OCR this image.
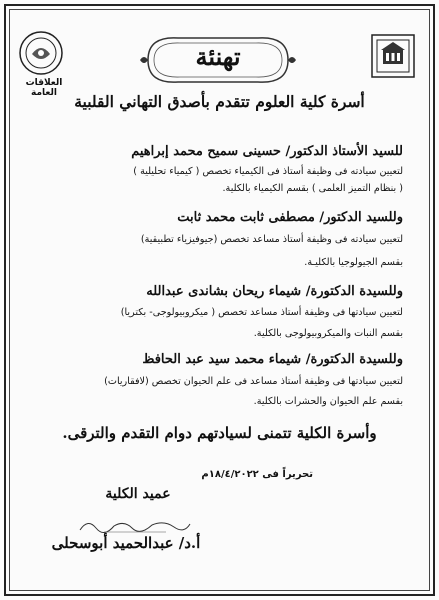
العلاقات العامة
تهنئة
أسرة كلية العلوم تتقدم بأصدق التهاني القلبية
للسيد الأستاذ الدكتور/ حسينى سميح محمد إبراهيم
لتعيين سيادته فى وظيفة أستاذ فى الكيمياء تخصص ( كيمياء تحليلية )
( بنظام التميز العلمى ) بقسم الكيمياء بالكلية.
وللسيد الدكتور/ مصطفى ثابت محمد ثابت
لتعيين سيادته فى وظيفة أستاذ مساعد تخصص (جيوفيزياء تطبيقية)
بقسم الجيولوجيا بالكليـة.
وللسيدة الدكتورة/ شيماء ريحان بشاندى عبدالله
لتعيين سيادتها فى وظيفة أستاذ مساعد تخصص ( ميكروبيولوجى- بكتريا)
بقسم النبات والميكروبيولوجى بالكلية.
وللسيدة الدكتورة/ شيماء محمد سيد عبد الحافظ
لتعيين سيادتها فى وظيفة أستاذ مساعد فى علم الحيوان تخصص (لافقاريات)
بقسم علم الحيوان والحشرات بالكلية.
وأسرة الكلية تتمنى لسيادتهم دوام التقدم والترقى.
تحريراً فى ١٨/٤/٢٠٢٢م
عميد الكلية
أ.د/ عبدالحميد أبوسحلى
